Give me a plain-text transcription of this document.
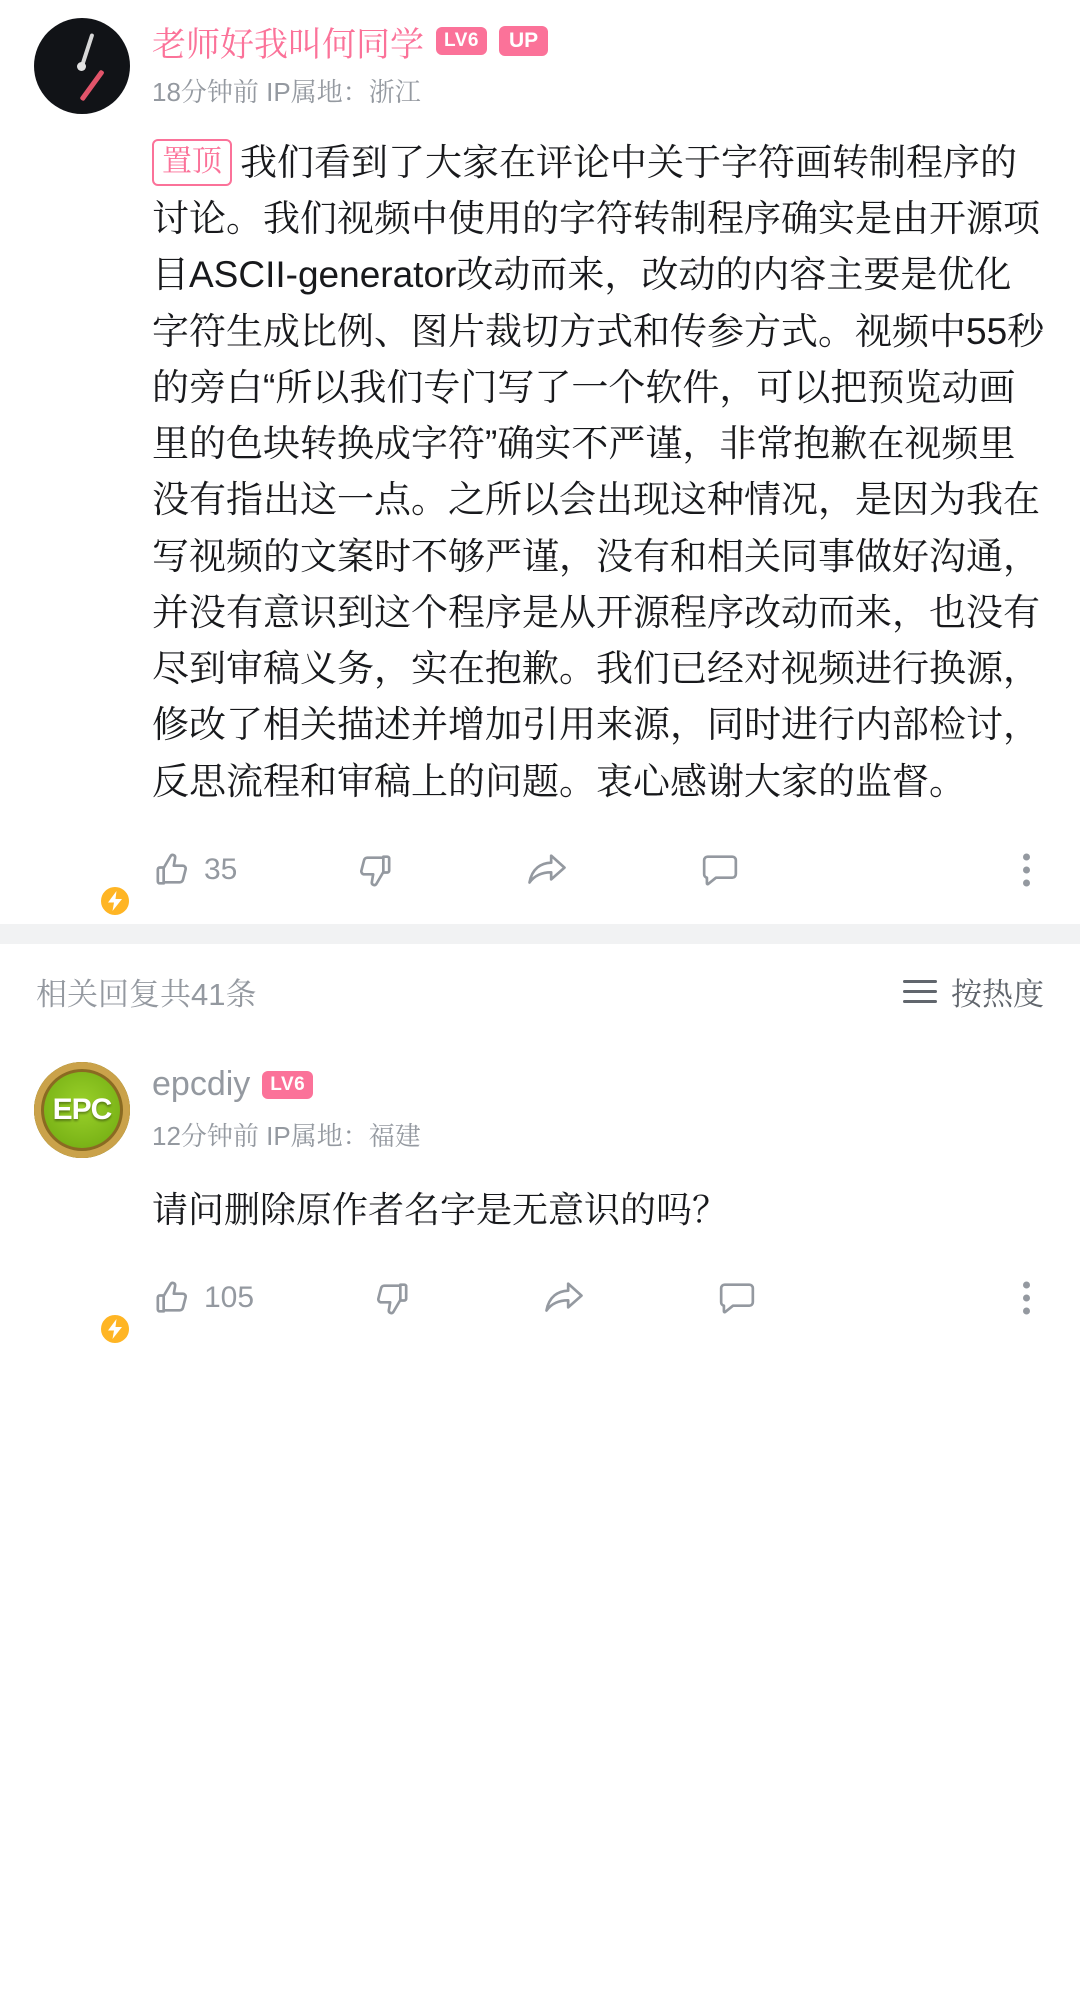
老师好我叫何同学	LV6	UP
18分钟前 IP属地：浙江
置顶 我们看到了大家在评论中关于字符画转制程序的讨论。我们视频中使用的字符转制程序确实是由开源项目ASCII-generator改动而来，改动的内容主要是优化字符生成比例、图片裁切方式和传参方式。视频中55秒的旁白“所以我们专门写了一个软件，可以把预览动画里的色块转换成字符”确实不严谨，非常抱歉在视频里没有指出这一点。之所以会出现这种情况，是因为我在写视频的文案时不够严谨，没有和相关同事做好沟通，并没有意识到这个程序是从开源程序改动而来，也没有尽到审稿义务，实在抱歉。我们已经对视频进行换源，修改了相关描述并增加引用来源，同时进行内部检讨，反思流程和审稿上的问题。衷心感谢大家的监督。
35
相关回复共41条	按热度
EPC
epcdiy	LV6
12分钟前 IP属地：福建
请问删除原作者名字是无意识的吗？
105
